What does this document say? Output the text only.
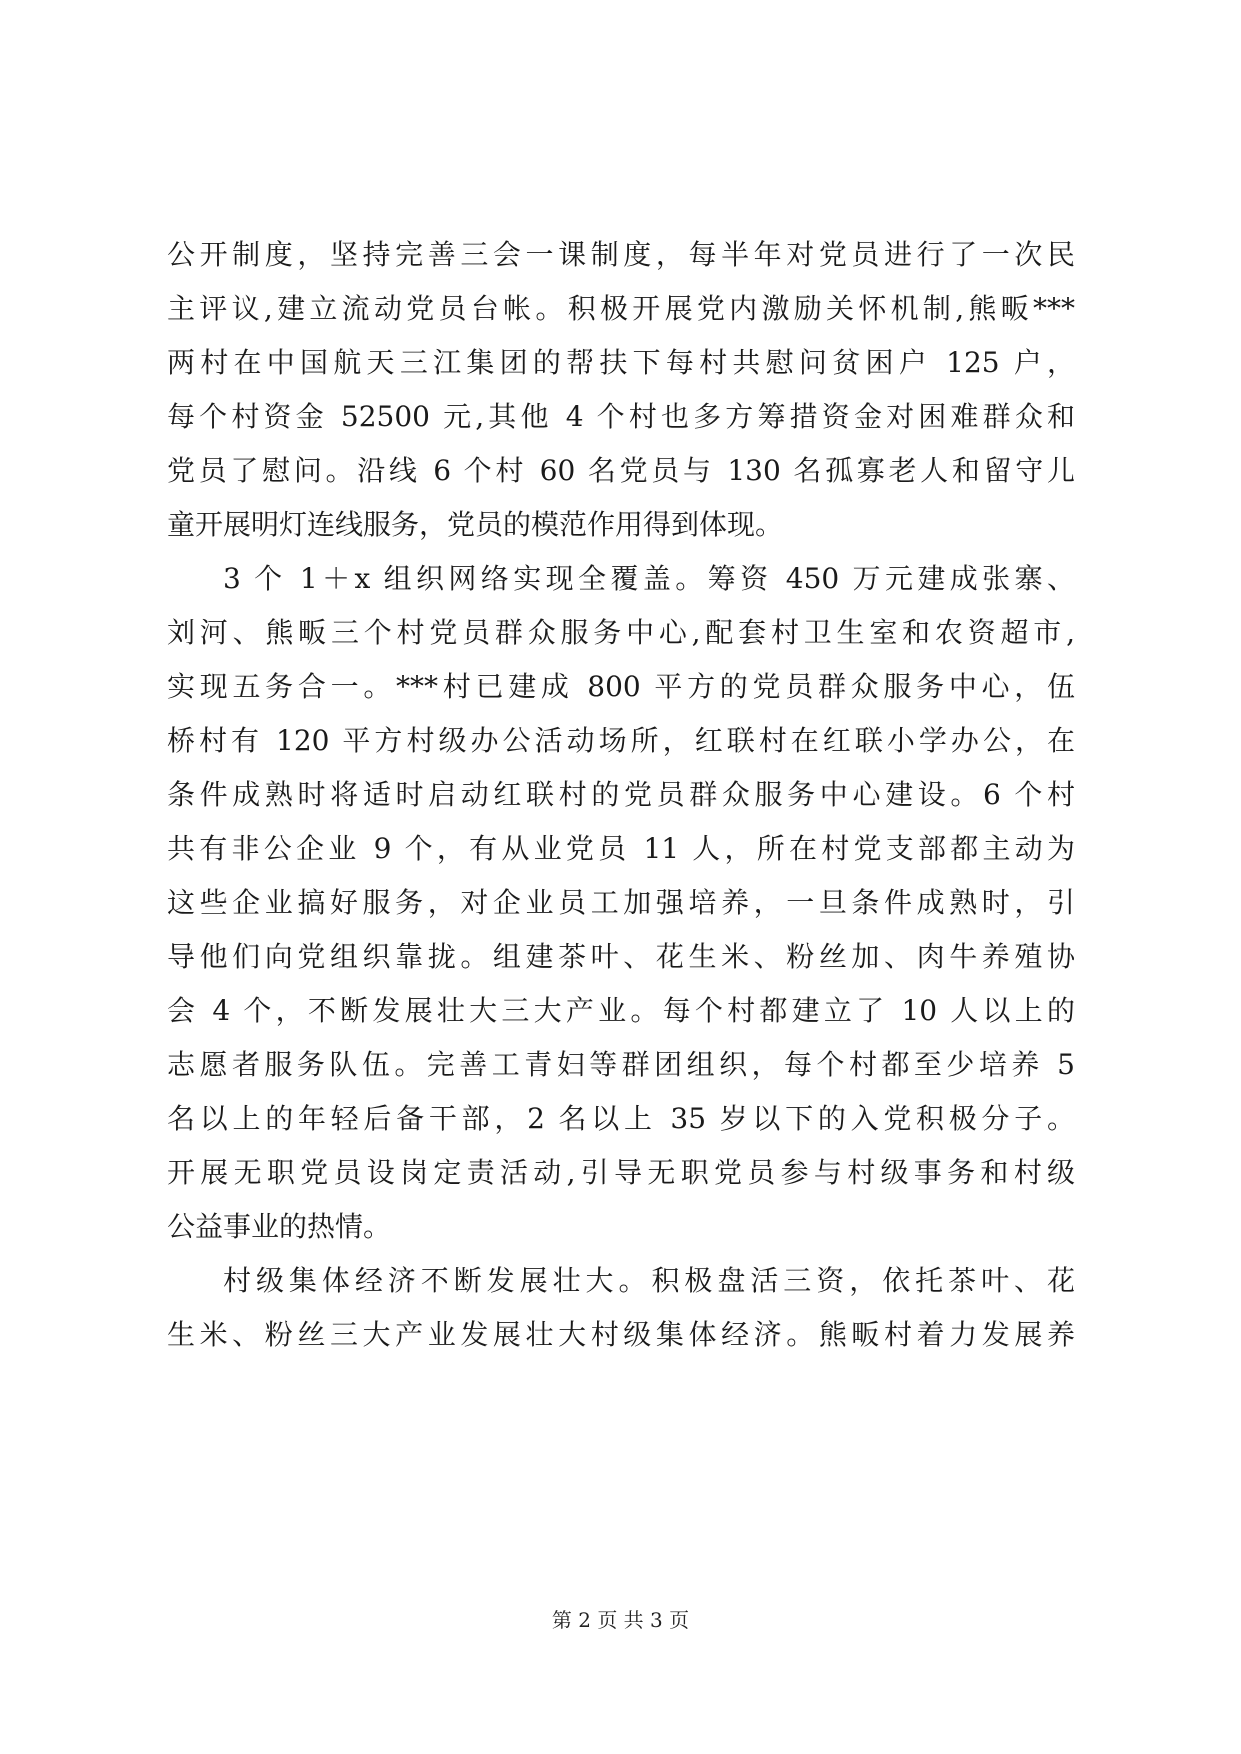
公开制度，坚持完善三会一课制度，每半年对党员进行了一次民
主评议,建立流动党员台帐。积极开展党内激励关怀机制,熊畈***
两村在中国航天三江集团的帮扶下每村共慰问贫困户 125 户，
每个村资金 52500 元,其他 4 个村也多方筹措资金对困难群众和
党员了慰问。沿线 6 个村 60 名党员与 130 名孤寡老人和留守儿
童开展明灯连线服务，党员的模范作用得到体现。
3 个 1＋x 组织网络实现全覆盖。筹资 450 万元建成张寨、
刘河、熊畈三个村党员群众服务中心,配套村卫生室和农资超市,
实现五务合一。***村已建成 800 平方的党员群众服务中心，伍
桥村有 120 平方村级办公活动场所，红联村在红联小学办公，在
条件成熟时将适时启动红联村的党员群众服务中心建设。6 个村
共有非公企业 9 个，有从业党员 11 人，所在村党支部都主动为
这些企业搞好服务，对企业员工加强培养，一旦条件成熟时，引
导他们向党组织靠拢。组建茶叶、花生米、粉丝加、肉牛养殖协
会 4 个，不断发展壮大三大产业。每个村都建立了 10 人以上的
志愿者服务队伍。完善工青妇等群团组织，每个村都至少培养 5
名以上的年轻后备干部，2 名以上 35 岁以下的入党积极分子。
开展无职党员设岗定责活动,引导无职党员参与村级事务和村级
公益事业的热情。
村级集体经济不断发展壮大。积极盘活三资，依托茶叶、花
生米、粉丝三大产业发展壮大村级集体经济。熊畈村着力发展养
第 2 页 共 3 页
